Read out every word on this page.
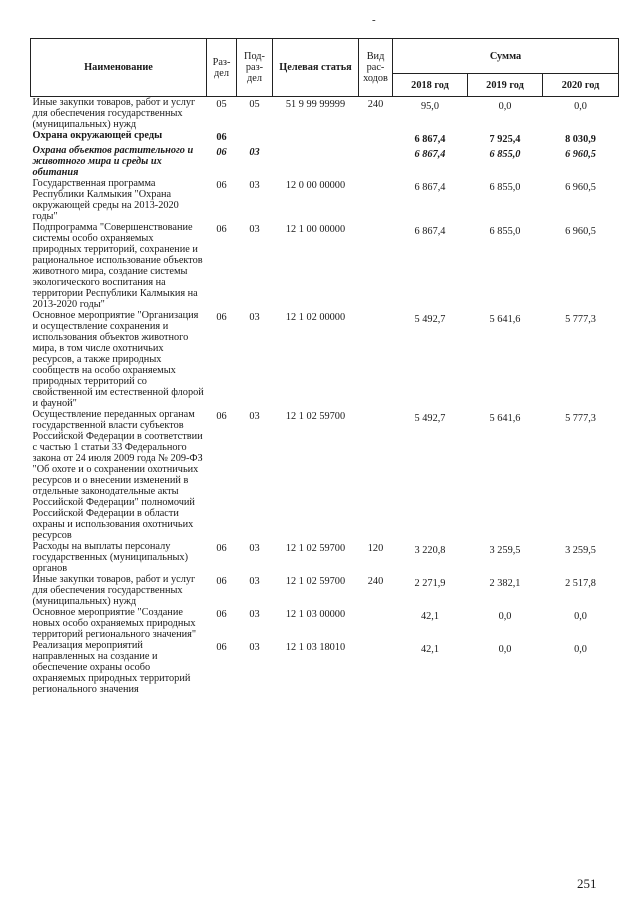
-
Наименование	Раз-дел	Под-раз-дел	Целевая статья	Вид рас-ходов	Сумма		
					2018 год	2019 год	2020 год
Иные закупки товаров, работ и услуг для обеспечения государственных (муниципальных) нужд	05	05	51 9 99 99999	240	95,0	0,0	0,0
Охрана окружающей среды	06				6 867,4	7 925,4	8 030,9
Охрана объектов растительного и животного мира и среды их обитания	06	03			6 867,4	6 855,0	6 960,5
Государственная программа Республики Калмыкия "Охрана окружающей среды на 2013-2020 годы"	06	03	12 0 00 00000		6 867,4	6 855,0	6 960,5
Подпрограмма "Совершенствование системы особо охраняемых природных территорий, сохранение и рациональное использование объектов животного мира, создание системы экологического воспитания на территории Республики Калмыкия на 2013-2020 годы"	06	03	12 1 00 00000		6 867,4	6 855,0	6 960,5
Основное мероприятие "Организация и осуществление сохранения и использования объектов животного мира, в том числе охотничьих ресурсов, а также природных сообществ на особо охраняемых природных территорий со свойственной им естественной флорой и фауной"	06	03	12 1 02 00000		5 492,7	5 641,6	5 777,3
Осуществление переданных органам государственной власти субъектов Российской Федерации в соответствии с частью 1 статьи 33 Федерального закона от 24 июля 2009 года № 209-ФЗ "Об охоте и о сохранении охотничьих ресурсов и о внесении изменений в отдельные законодательные акты Российской Федерации" полномочий Российской Федерации в области охраны и использования охотничьих ресурсов	06	03	12 1 02 59700		5 492,7	5 641,6	5 777,3
Расходы на выплаты персоналу государственных (муниципальных) органов	06	03	12 1 02 59700	120	3 220,8	3 259,5	3 259,5
Иные закупки товаров, работ и услуг для обеспечения государственных (муниципальных) нужд	06	03	12 1 02 59700	240	2 271,9	2 382,1	2 517,8
Основное мероприятие "Создание новых особо охраняемых природных территорий регионального значения"	06	03	12 1 03 00000		42,1	0,0	0,0
Реализация мероприятий направленных на создание и обеспечение охраны особо охраняемых природных территорий регионального значения	06	03	12 1 03 18010		42,1	0,0	0,0
251
